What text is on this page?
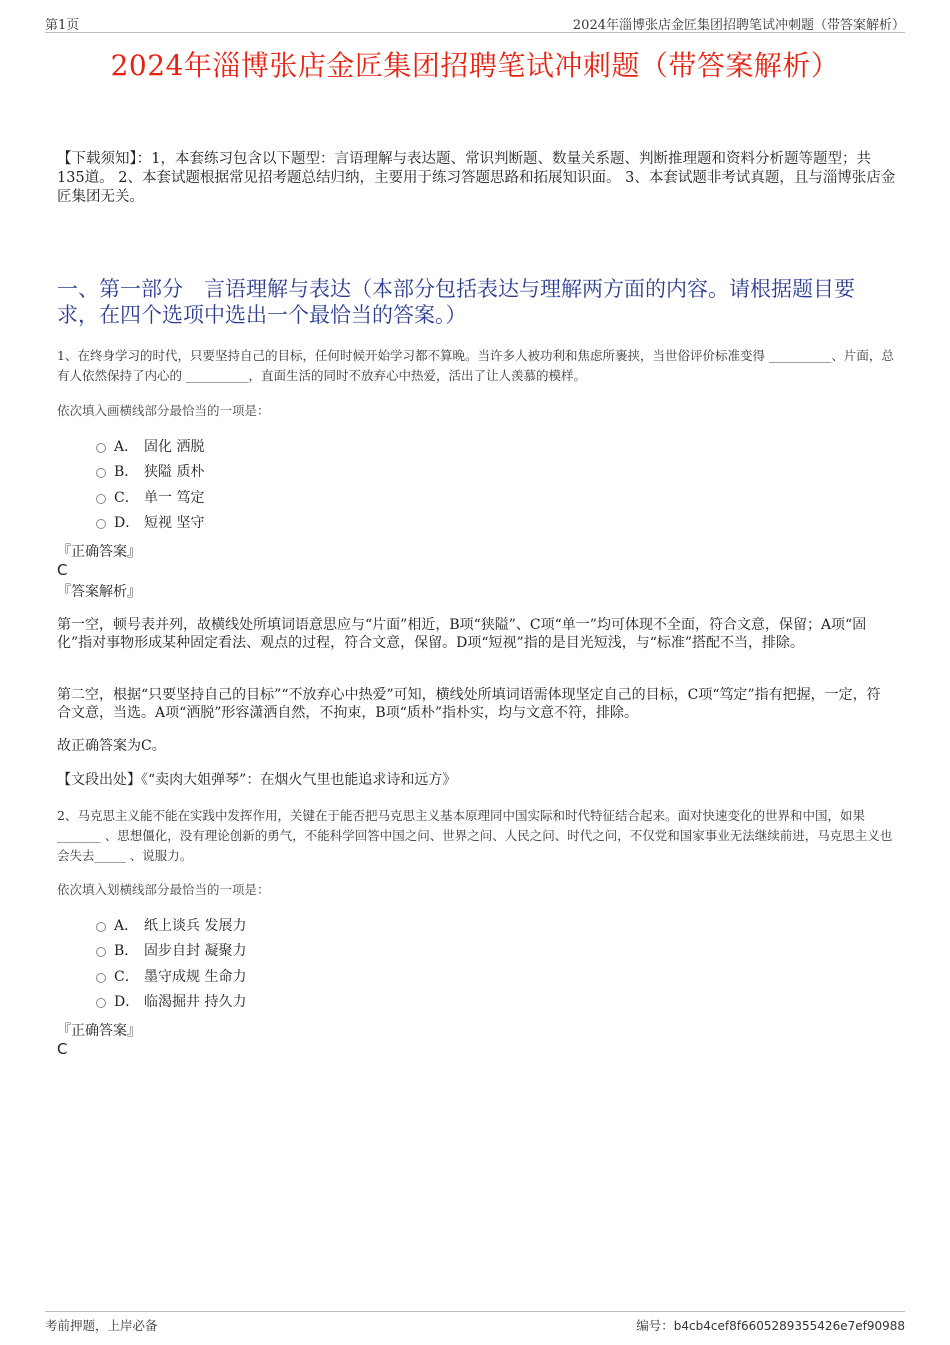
第1页	2024年淄博张店金匠集团招聘笔试冲刺题（带答案解析）
2024年淄博张店金匠集团招聘笔试冲刺题（带答案解析）

【下载须知】：1，本套练习包含以下题型：言语理解与表达题、常识判断题、数量关系题、判断推理题和资料分析题等题型；共135道。 2、本套试题根据常见招考题总结归纳，主要用于练习答题思路和拓展知识面。 3、本套试题非考试真题，且与淄博张店金匠集团无关。

一、第一部分　言语理解与表达（本部分包括表达与理解两方面的内容。请根据题目要求，在四个选项中选出一个最恰当的答案。）

1、在终身学习的时代，只要坚持自己的目标，任何时候开始学习都不算晚。当许多人被功利和焦虑所裹挟，当世俗评价标准变得 __________、片面，总有人依然保持了内心的 __________，直面生活的同时不放弃心中热爱，活出了让人羡慕的模样。

依次填入画横线部分最恰当的一项是：

A． 固化 洒脱
B． 狭隘 质朴
C． 单一 笃定
D． 短视 坚守

『正确答案』

C

『答案解析』

第一空，顿号表并列，故横线处所填词语意思应与“片面”相近，B项“狭隘”、C项“单一”均可体现不全面，符合文意，保留；A项“固化”指对事物形成某种固定看法、观点的过程，符合文意，保留。D项“短视”指的是目光短浅，与“标准”搭配不当，排除。

第二空，根据“只要坚持自己的目标”“不放弃心中热爱”可知，横线处所填词语需体现坚定自己的目标，C项“笃定”指有把握，一定，符合文意，当选。A项“洒脱”形容潇洒自然，不拘束，B项“质朴”指朴实，均与文意不符，排除。

故正确答案为C。

【文段出处】《“卖肉大姐弹琴”：在烟火气里也能追求诗和远方》

2、马克思主义能不能在实践中发挥作用，关键在于能否把马克思主义基本原理同中国实际和时代特征结合起来。面对快速变化的世界和中国，如果_______ 、思想僵化，没有理论创新的勇气，不能科学回答中国之问、世界之问、人民之问、时代之问，不仅党和国家事业无法继续前进，马克思主义也会失去_____ 、说服力。

依次填入划横线部分最恰当的一项是：

A． 纸上谈兵 发展力
B． 固步自封 凝聚力
C． 墨守成规 生命力
D． 临渴掘井 持久力

『正确答案』

C

考前押题，上岸必备	编号：b4cb4cef8f6605289355426e7ef90988
